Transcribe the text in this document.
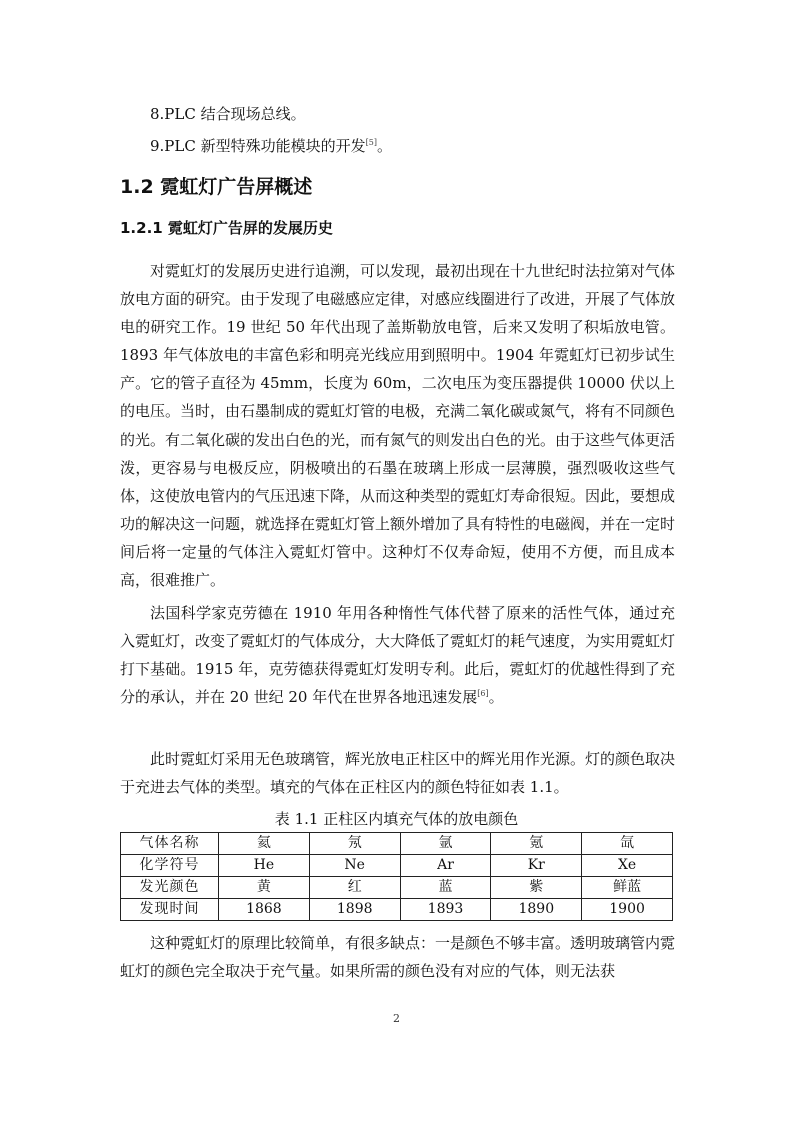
8.PLC 结合现场总线。
9.PLC 新型特殊功能模块的开发[5]。
1.2 霓虹灯广告屏概述
1.2.1 霓虹灯广告屏的发展历史
对霓虹灯的发展历史进行追溯，可以发现，最初出现在十九世纪时法拉第对气体放电方面的研究。由于发现了电磁感应定律，对感应线圈进行了改进，开展了气体放电的研究工作。19 世纪 50 年代出现了盖斯勒放电管，后来又发明了积垢放电管。1893 年气体放电的丰富色彩和明亮光线应用到照明中。1904 年霓虹灯已初步试生产。它的管子直径为 45mm，长度为 60m，二次电压为变压器提供 10000 伏以上的电压。当时，由石墨制成的霓虹灯管的电极，充满二氧化碳或氮气，将有不同颜色的光。有二氧化碳的发出白色的光，而有氮气的则发出白色的光。由于这些气体更活泼，更容易与电极反应，阴极喷出的石墨在玻璃上形成一层薄膜，强烈吸收这些气体，这使放电管内的气压迅速下降，从而这种类型的霓虹灯寿命很短。因此，要想成功的解决这一问题，就选择在霓虹灯管上额外增加了具有特性的电磁阀，并在一定时间后将一定量的气体注入霓虹灯管中。这种灯不仅寿命短，使用不方便，而且成本高，很难推广。
法国科学家克劳德在 1910 年用各种惰性气体代替了原来的活性气体，通过充入霓虹灯，改变了霓虹灯的气体成分，大大降低了霓虹灯的耗气速度，为实用霓虹灯打下基础。1915 年，克劳德获得霓虹灯发明专利。此后，霓虹灯的优越性得到了充分的承认，并在 20 世纪 20 年代在世界各地迅速发展[6]。
此时霓虹灯采用无色玻璃管，辉光放电正柱区中的辉光用作光源。灯的颜色取决于充进去气体的类型。填充的气体在正柱区内的颜色特征如表 1.1。
表 1.1 正柱区内填充气体的放电颜色
气体名称	氦	氖	氩	氪	氙
化学符号	He	Ne	Ar	Kr	Xe
发光颜色	黄	红	蓝	紫	鲜蓝
发现时间	1868	1898	1893	1890	1900
这种霓虹灯的原理比较简单，有很多缺点：一是颜色不够丰富。透明玻璃管内霓虹灯的颜色完全取决于充气量。如果所需的颜色没有对应的气体，则无法获
2
